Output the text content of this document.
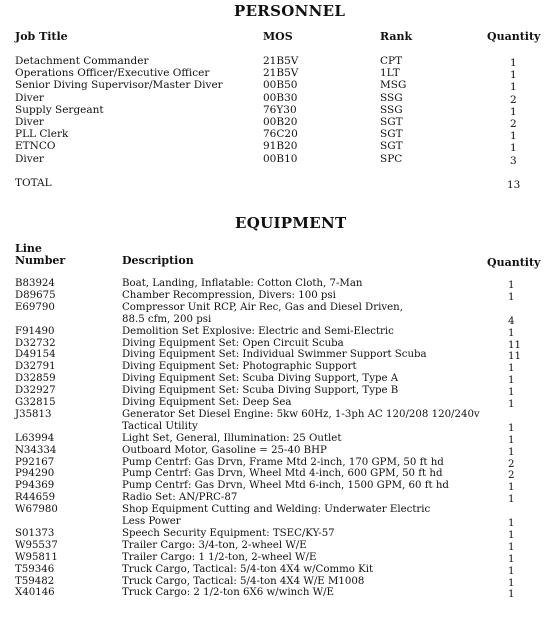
PERSONNEL
Job Title	MOS	Rank	Quantity
Detachment Commander	21B5V	CPT	1
Operations Officer/Executive Officer	21B5V	1LT	1
Senior Diving Supervisor/Master Diver	00B50	MSG	1
Diver	00B30	SSG	2
Supply Sergeant	76Y30	SSG	1
Diver	00B20	SGT	2
PLL Clerk	76C20	SGT	1
ETNCO	91B20	SGT	1
Diver	00B10	SPC	3
TOTAL	13
EQUIPMENT
Line
Number	Description	Quantity
B83924	Boat, Landing, Inflatable: Cotton Cloth, 7-Man	1
D89675	Chamber Recompression, Divers: 100 psi	1
E69790	Compressor Unit RCP, Air Rec, Gas and Diesel Driven,
88.5 cfm, 200 psi	4
F91490	Demolition Set Explosive: Electric and Semi-Electric	1
D32732	Diving Equipment Set: Open Circuit Scuba	11
D49154	Diving Equipment Set: Individual Swimmer Support Scuba	11
D32791	Diving Equipment Set: Photographic Support	1
D32859	Diving Equipment Set: Scuba Diving Support, Type A	1
D32927	Diving Equipment Set: Scuba Diving Support, Type B	1
G32815	Diving Equipment Set: Deep Sea	1
J35813	Generator Set Diesel Engine: 5kw 60Hz, 1-3ph AC 120/208 120/240v
Tactical Utility	1
L63994	Light Set, General, Illumination: 25 Outlet	1
N34334	Outboard Motor, Gasoline = 25-40 BHP	1
P92167	Pump Centrf: Gas Drvn, Frame Mtd 2-inch, 170 GPM, 50 ft hd	2
P94290	Pump Centrf: Gas Drvn, Wheel Mtd 4-inch, 600 GPM, 50 ft hd	2
P94369	Pump Centrf: Gas Drvn, Wheel Mtd 6-inch, 1500 GPM, 60 ft hd	1
R44659	Radio Set: AN/PRC-87	1
W67980	Shop Equipment Cutting and Welding: Underwater Electric
Less Power	1
S01373	Speech Security Equipment: TSEC/KY-57	1
W95537	Trailer Cargo: 3/4-ton, 2-wheel W/E	1
W95811	Trailer Cargo: 1 1/2-ton, 2-wheel W/E	1
T59346	Truck Cargo, Tactical: 5/4-ton 4X4 w/Commo Kit	1
T59482	Truck Cargo, Tactical: 5/4-ton 4X4 W/E M1008	1
X40146	Truck Cargo: 2 1/2-ton 6X6 w/winch W/E	1
